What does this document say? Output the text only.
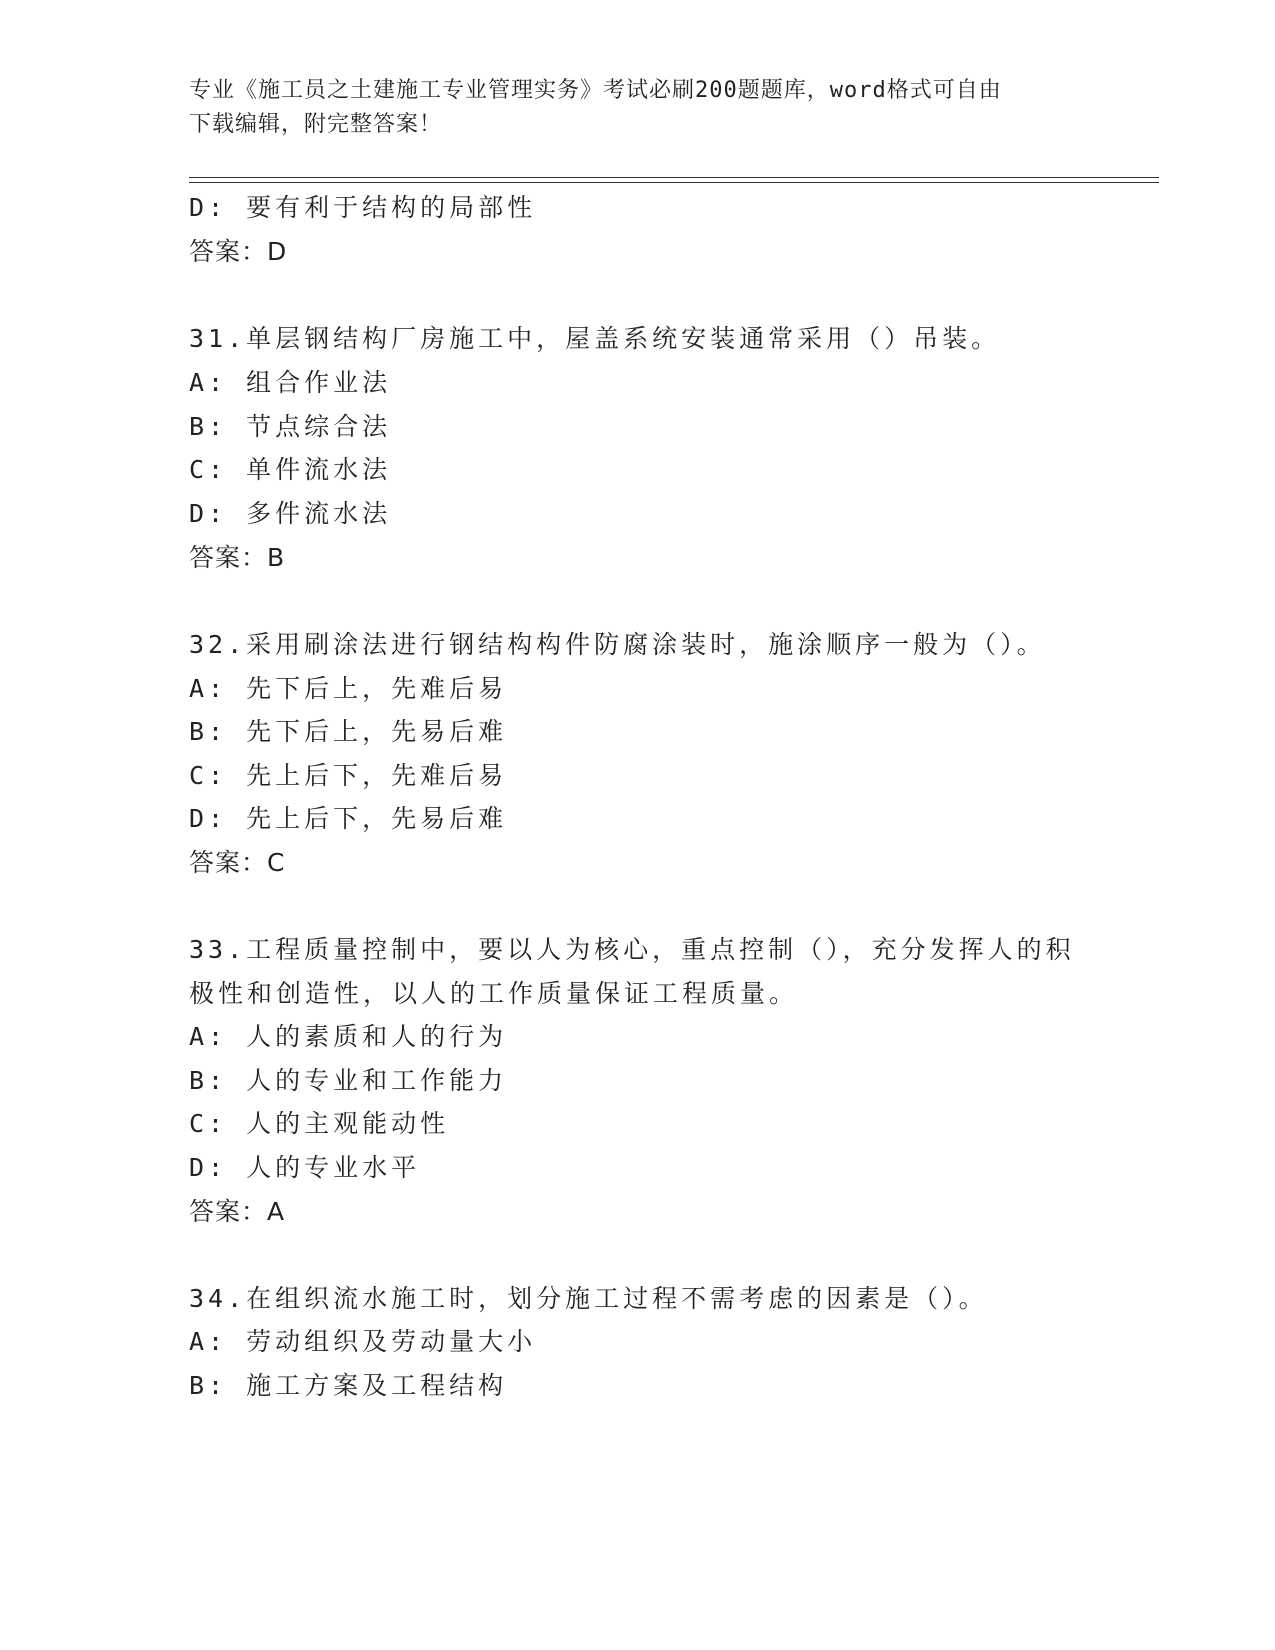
专业《施工员之土建施工专业管理实务》考试必刷200题题库，word格式可自由
下载编辑，附完整答案！
D: 要有利于结构的局部性
答案：D
31.单层钢结构厂房施工中，屋盖系统安装通常采用（）吊装。
A: 组合作业法
B: 节点综合法
C: 单件流水法
D: 多件流水法
答案：B
32.采用刷涂法进行钢结构构件防腐涂装时，施涂顺序一般为（）。
A: 先下后上，先难后易
B: 先下后上，先易后难
C: 先上后下，先难后易
D: 先上后下，先易后难
答案：C
33.工程质量控制中，要以人为核心，重点控制（），充分发挥人的积
极性和创造性，以人的工作质量保证工程质量。
A: 人的素质和人的行为
B: 人的专业和工作能力
C: 人的主观能动性
D: 人的专业水平
答案：A
34.在组织流水施工时，划分施工过程不需考虑的因素是（）。
A: 劳动组织及劳动量大小
B: 施工方案及工程结构
